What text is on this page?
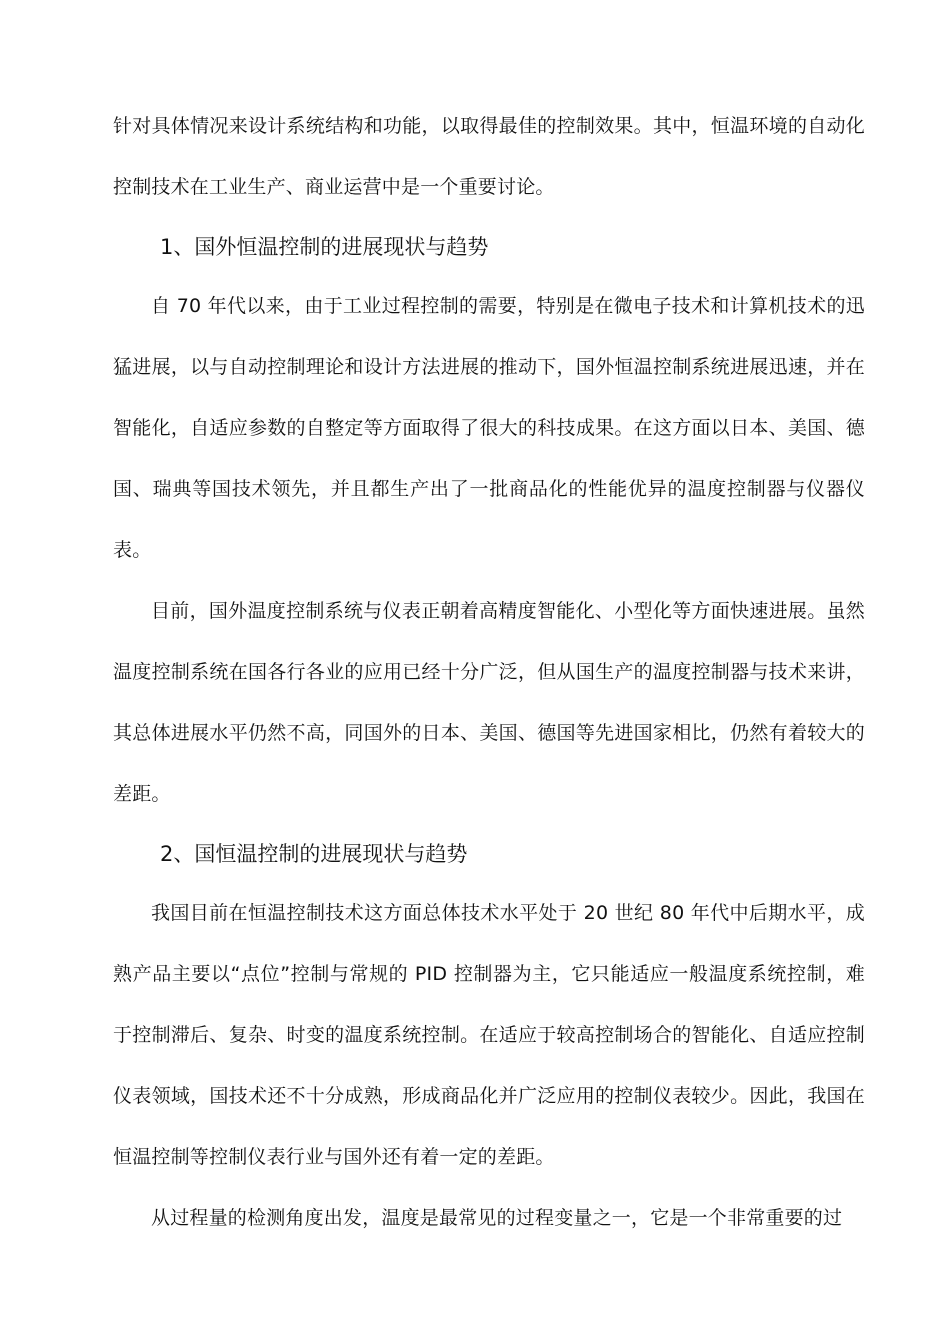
针对具体情况来设计系统结构和功能，以取得最佳的控制效果。其中，恒温环境的自动化控制技术在工业生产、商业运营中是一个重要讨论。

1、国外恒温控制的进展现状与趋势

自 70 年代以来，由于工业过程控制的需要，特别是在微电子技术和计算机技术的迅猛进展，以与自动控制理论和设计方法进展的推动下，国外恒温控制系统进展迅速，并在智能化，自适应参数的自整定等方面取得了很大的科技成果。在这方面以日本、美国、德国、瑞典等国技术领先，并且都生产出了一批商品化的性能优异的温度控制器与仪器仪表。

目前，国外温度控制系统与仪表正朝着高精度智能化、小型化等方面快速进展。虽然温度控制系统在国各行各业的应用已经十分广泛，但从国生产的温度控制器与技术来讲，其总体进展水平仍然不高，同国外的日本、美国、德国等先进国家相比，仍然有着较大的差距。

2、国恒温控制的进展现状与趋势

我国目前在恒温控制技术这方面总体技术水平处于 20 世纪 80 年代中后期水平，成熟产品主要以“点位”控制与常规的 PID 控制器为主，它只能适应一般温度系统控制，难于控制滞后、复杂、时变的温度系统控制。在适应于较高控制场合的智能化、自适应控制仪表领域，国技术还不十分成熟，形成商品化并广泛应用的控制仪表较少。因此，我国在恒温控制等控制仪表行业与国外还有着一定的差距。

从过程量的检测角度出发，温度是最常见的过程变量之一，它是一个非常重要的过
